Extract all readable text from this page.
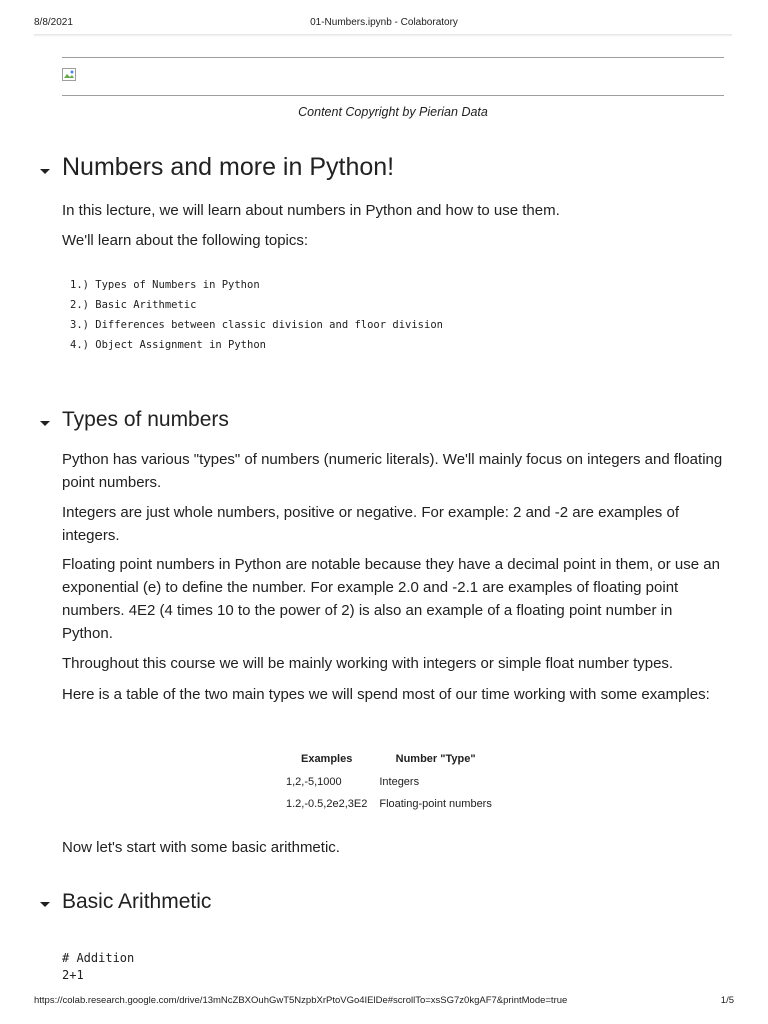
8/8/2021	01-Numbers.ipynb - Colaboratory
Content Copyright by Pierian Data
Numbers and more in Python!

In this lecture, we will learn about numbers in Python and how to use them.

We'll learn about the following topics:

1.) Types of Numbers in Python
2.) Basic Arithmetic
3.) Differences between classic division and floor division
4.) Object Assignment in Python
Types of numbers

Python has various "types" of numbers (numeric literals). We'll mainly focus on integers and floating point numbers.

Integers are just whole numbers, positive or negative. For example: 2 and -2 are examples of integers.

Floating point numbers in Python are notable because they have a decimal point in them, or use an exponential (e) to define the number. For example 2.0 and -2.1 are examples of floating point numbers. 4E2 (4 times 10 to the power of 2) is also an example of a floating point number in Python.

Throughout this course we will be mainly working with integers or simple float number types.

Here is a table of the two main types we will spend most of our time working with some examples:

Examples	Number "Type"
1,2,-5,1000	Integers
1.2,-0.5,2e2,3E2	Floating-point numbers

Now let's start with some basic arithmetic.

Basic Arithmetic
# Addition
2+1
https://colab.research.google.com/drive/13mNcZBXOuhGwT5NzpbXrPtoVGo4IElDe#scrollTo=xsSG7z0kgAF7&printMode=true	1/5
